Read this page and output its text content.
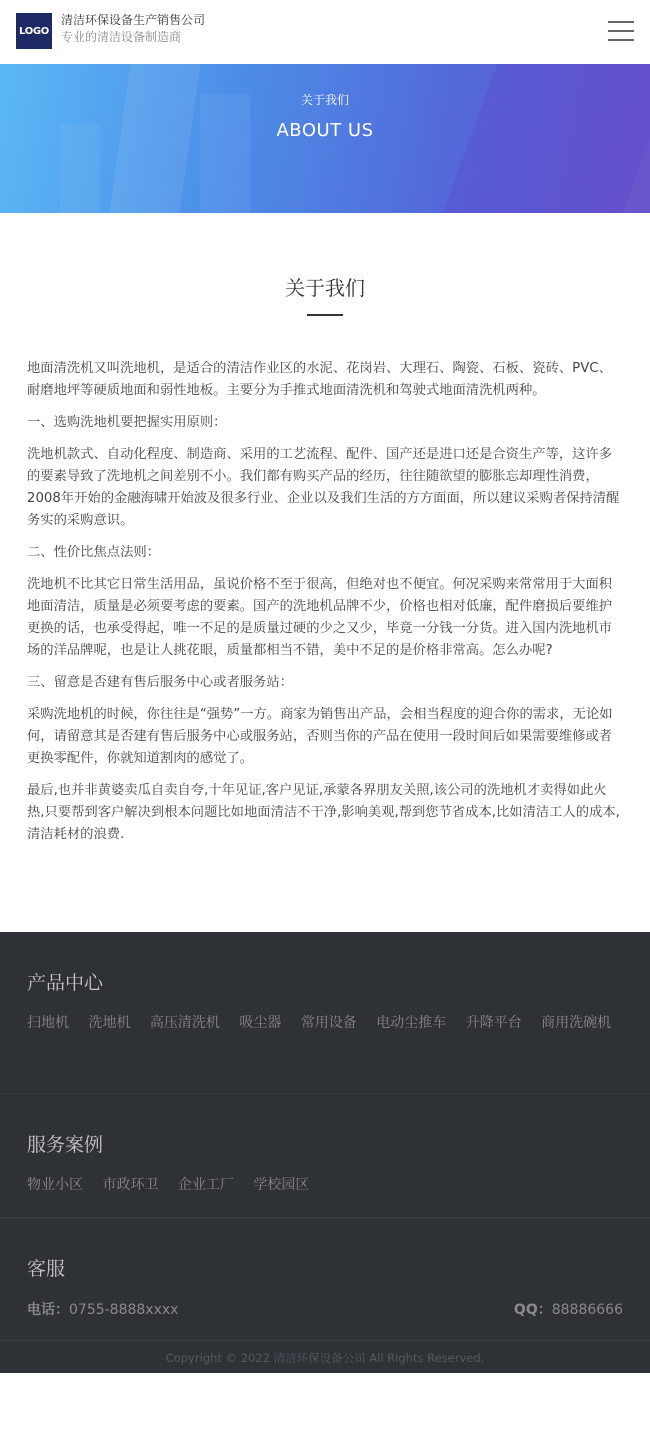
LOGO
清洁环保设备生产销售公司
专业的清洁设备制造商
关于我们
ABOUT US
关于我们

地面清洗机又叫洗地机，是适合的清洁作业区的水泥、花岗岩、大理石、陶瓷、石板、瓷砖、PVC、耐磨地坪等硬质地面和弱性地板。主要分为手推式地面清洗机和驾驶式地面清洗机两种。

一、选购洗地机要把握实用原则：

洗地机款式、自动化程度、制造商、采用的工艺流程、配件、国产还是进口还是合资生产等，这许多的要素导致了洗地机之间差别不小。我们都有购买产品的经历，往往随欲望的膨胀忘却理性消费，2008年开始的金融海啸开始波及很多行业、企业以及我们生活的方方面面，所以建议采购者保持清醒务实的采购意识。

二、性价比焦点法则：

洗地机不比其它日常生活用品，虽说价格不至于很高，但绝对也不便宜。何况采购来常常用于大面积地面清洁，质量是必须要考虑的要素。国产的洗地机品牌不少，价格也相对低廉，配件磨损后要维护更换的话，也承受得起，唯一不足的是质量过硬的少之又少，毕竟一分钱一分货。进入国内洗地机市场的洋品牌呢，也是让人挑花眼，质量都相当不错，美中不足的是价格非常高。怎么办呢?

三、留意是否建有售后服务中心或者服务站：

采购洗地机的时候，你往往是“强势”一方。商家为销售出产品，会相当程度的迎合你的需求，无论如何，请留意其是否建有售后服务中心或服务站，否则当你的产品在使用一段时间后如果需要维修或者更换零配件，你就知道割肉的感觉了。

最后,也并非黄婆卖瓜自卖自夸,十年见证,客户见证,承蒙各界朋友关照,该公司的洗地机才卖得如此火热,只要帮到客户解决到根本问题比如地面清洁不干净,影响美观,帮到您节省成本,比如清洁工人的成本,清洁耗材的浪费.

产品中心
扫地机 洗地机 高压清洗机 吸尘器 常用设备 电动尘推车 升降平台 商用洗碗机
服务案例
物业小区 市政环卫 企业工厂 学校园区
客服
电话：0755-8888xxxx	QQ：88886666
Copyright © 2022 清洁环保设备公司 All Rights Reserved.
